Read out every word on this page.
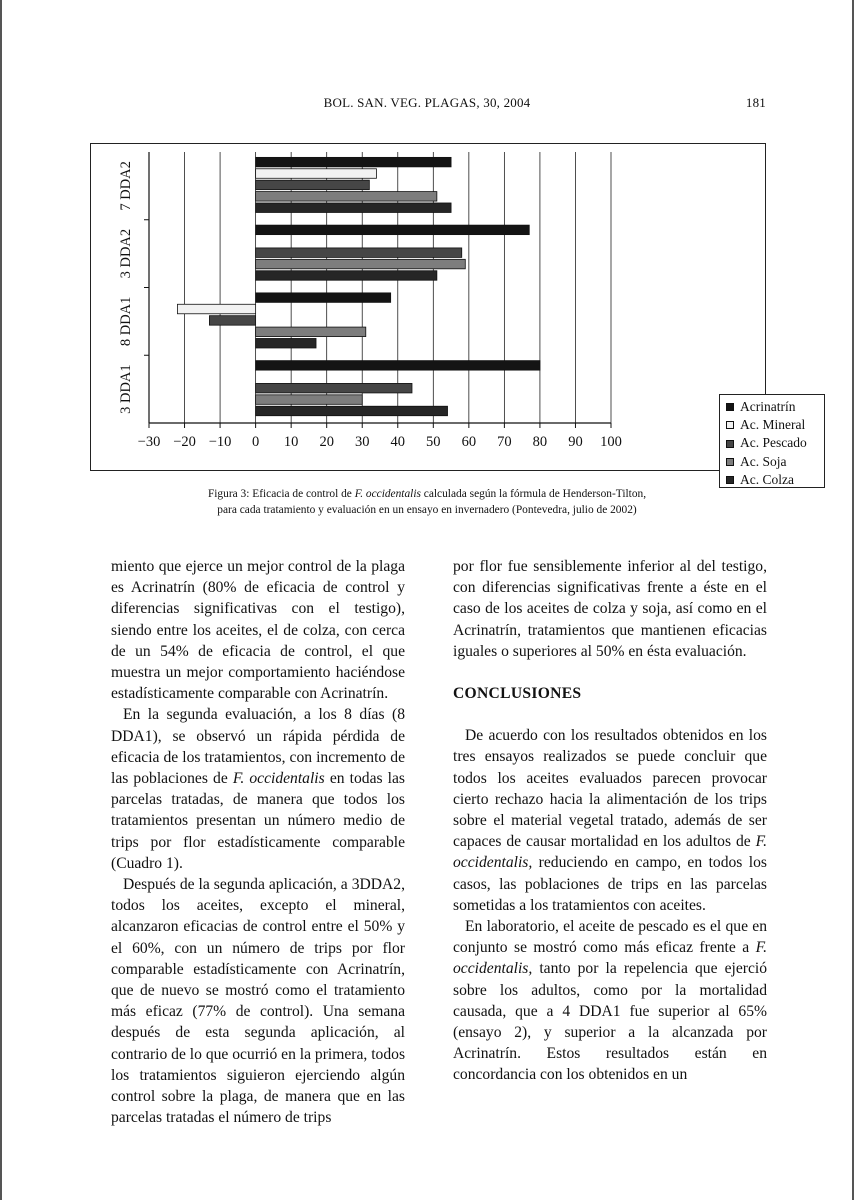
BOL. SAN. VEG. PLAGAS, 30, 2004	181
−30 −20 −10 0 10 20 30 40 50 60 70 80 90 100
3 DDA1
8 DDA1
3 DDA2
7 DDA2
Acrinatrín
Ac. Mineral
Ac. Pescado
Ac. Soja
Ac. Colza
Figura 3: Eficacia de control de F. occidentalis calculada según la fórmula de Henderson-Tilton,
para cada tratamiento y evaluación en un ensayo en invernadero (Pontevedra, julio de 2002)

miento que ejerce un mejor control de la plaga es Acrinatrín (80% de eficacia de control y diferencias significativas con el testigo), siendo entre los aceites, el de colza, con cerca de un 54% de eficacia de control, el que muestra un mejor comportamiento haciéndose estadísticamente comparable con Acrinatrín.

En la segunda evaluación, a los 8 días (8 DDA1), se observó un rápida pérdida de eficacia de los tratamientos, con incremento de las poblaciones de F. occidentalis en todas las parcelas tratadas, de manera que todos los tratamientos presentan un número medio de trips por flor estadísticamente comparable (Cuadro 1).

Después de la segunda aplicación, a 3DDA2, todos los aceites, excepto el mineral, alcanzaron eficacias de control entre el 50% y el 60%, con un número de trips por flor comparable estadísticamente con Acrinatrín, que de nuevo se mostró como el tratamiento más eficaz (77% de control). Una semana después de esta segunda aplicación, al contrario de lo que ocurrió en la primera, todos los tratamientos siguieron ejerciendo algún control sobre la plaga, de manera que en las parcelas tratadas el número de trips

por flor fue sensiblemente inferior al del testigo, con diferencias significativas frente a éste en el caso de los aceites de colza y soja, así como en el Acrinatrín, tratamientos que mantienen eficacias iguales o superiores al 50% en ésta evaluación.

CONCLUSIONES

De acuerdo con los resultados obtenidos en los tres ensayos realizados se puede concluir que todos los aceites evaluados parecen provocar cierto rechazo hacia la alimentación de los trips sobre el material vegetal tratado, además de ser capaces de causar mortalidad en los adultos de F. occidentalis, reduciendo en campo, en todos los casos, las poblaciones de trips en las parcelas sometidas a los tratamientos con aceites.

En laboratorio, el aceite de pescado es el que en conjunto se mostró como más eficaz frente a F. occidentalis, tanto por la repelencia que ejerció sobre los adultos, como por la mortalidad causada, que a 4 DDA1 fue superior al 65% (ensayo 2), y superior a la alcanzada por Acrinatrín. Estos resultados están en concordancia con los obtenidos en un
